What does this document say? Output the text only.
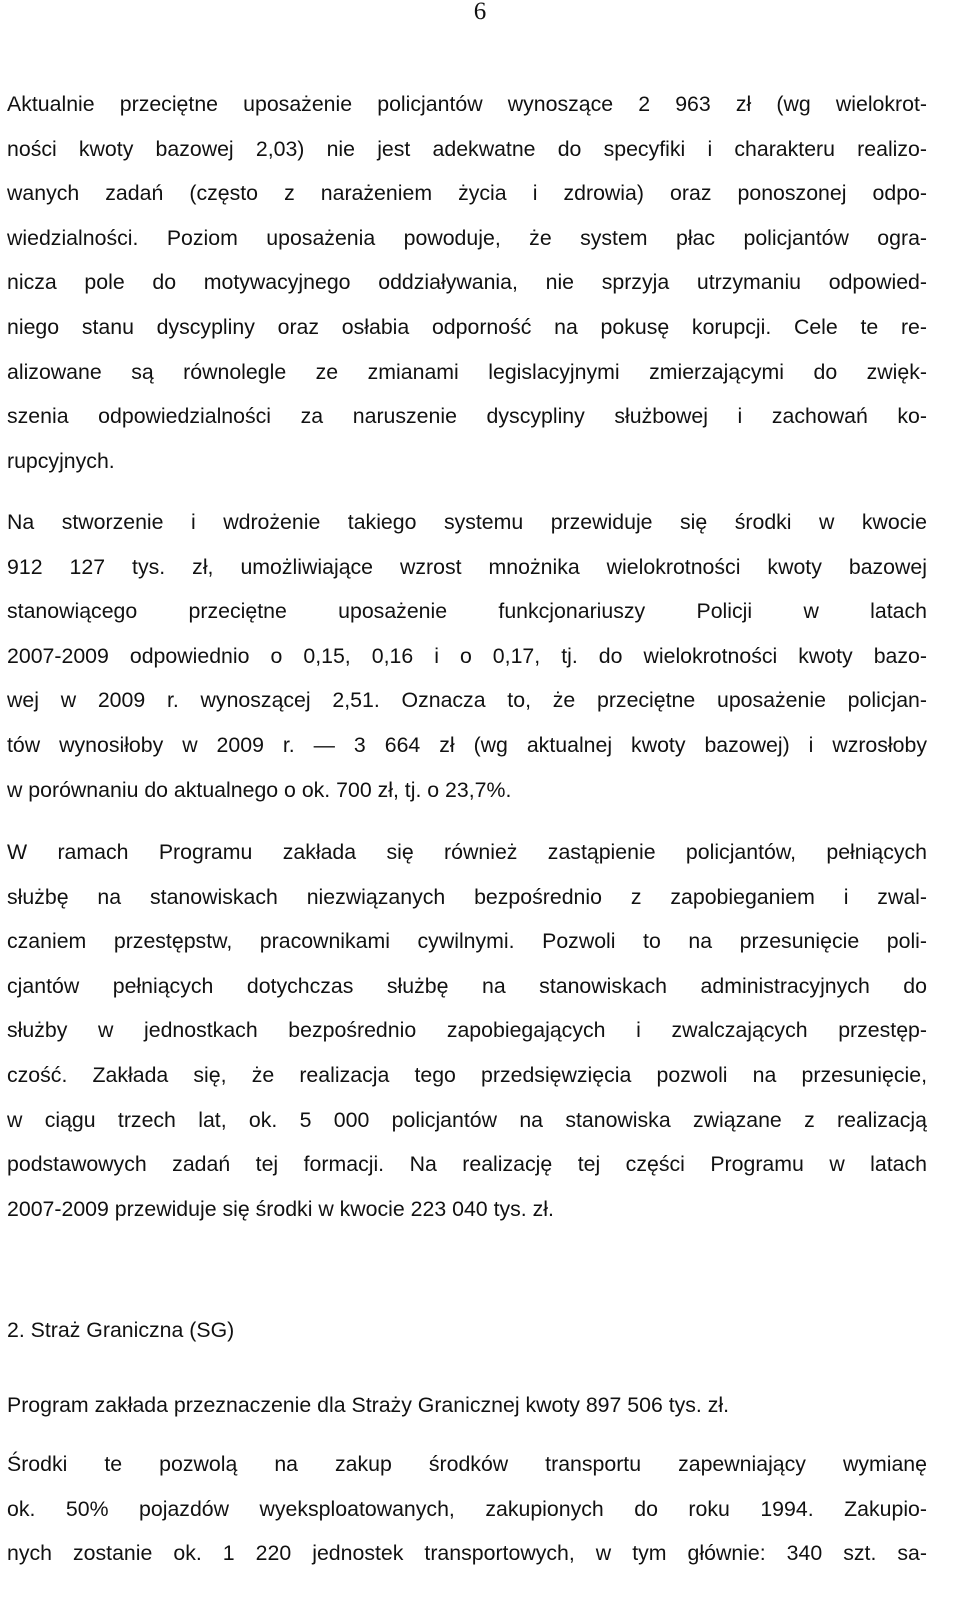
6
Aktualnie przeciętne uposażenie policjantów wynoszące 2 963 zł (wg wielokrot-
ności kwoty bazowej 2,03) nie jest adekwatne do specyfiki i charakteru realizo-
wanych zadań (często z narażeniem życia i zdrowia) oraz ponoszonej odpo-
wiedzialności. Poziom uposażenia powoduje, że system płac policjantów ogra-
nicza pole do motywacyjnego oddziaływania, nie sprzyja utrzymaniu odpowied-
niego stanu dyscypliny oraz osłabia odporność na pokusę korupcji. Cele te re-
alizowane są równolegle ze zmianami legislacyjnymi zmierzającymi do zwięk-
szenia odpowiedzialności za naruszenie dyscypliny służbowej i zachowań ko-
rupcyjnych.
Na stworzenie i wdrożenie takiego systemu przewiduje się środki w kwocie
912 127 tys. zł, umożliwiające wzrost mnożnika wielokrotności kwoty bazowej
stanowiącego przeciętne uposażenie funkcjonariuszy Policji w latach
2007-2009 odpowiednio o 0,15, 0,16 i o 0,17, tj. do wielokrotności kwoty bazo-
wej w 2009 r. wynoszącej 2,51. Oznacza to, że przeciętne uposażenie policjan-
tów wynosiłoby w 2009 r. — 3 664 zł (wg aktualnej kwoty bazowej) i wzrosłoby
w porównaniu do aktualnego o ok. 700 zł, tj. o 23,7%.
W ramach Programu zakłada się również zastąpienie policjantów, pełniących
służbę na stanowiskach niezwiązanych bezpośrednio z zapobieganiem i zwal-
czaniem przestępstw, pracownikami cywilnymi. Pozwoli to na przesunięcie poli-
cjantów pełniących dotychczas służbę na stanowiskach administracyjnych do
służby w jednostkach bezpośrednio zapobiegających i zwalczających przestęp-
czość. Zakłada się, że realizacja tego przedsięwzięcia pozwoli na przesunięcie,
w ciągu trzech lat, ok. 5 000 policjantów na stanowiska związane z realizacją
podstawowych zadań tej formacji. Na realizację tej części Programu w latach
2007-2009 przewiduje się środki w kwocie 223 040 tys. zł.
2. Straż Graniczna (SG)
Program zakłada przeznaczenie dla Straży Granicznej kwoty 897 506 tys. zł.
Środki te pozwolą na zakup środków transportu zapewniający wymianę
ok. 50% pojazdów wyeksploatowanych, zakupionych do roku 1994. Zakupio-
nych zostanie ok. 1 220 jednostek transportowych, w tym głównie: 340 szt. sa-
